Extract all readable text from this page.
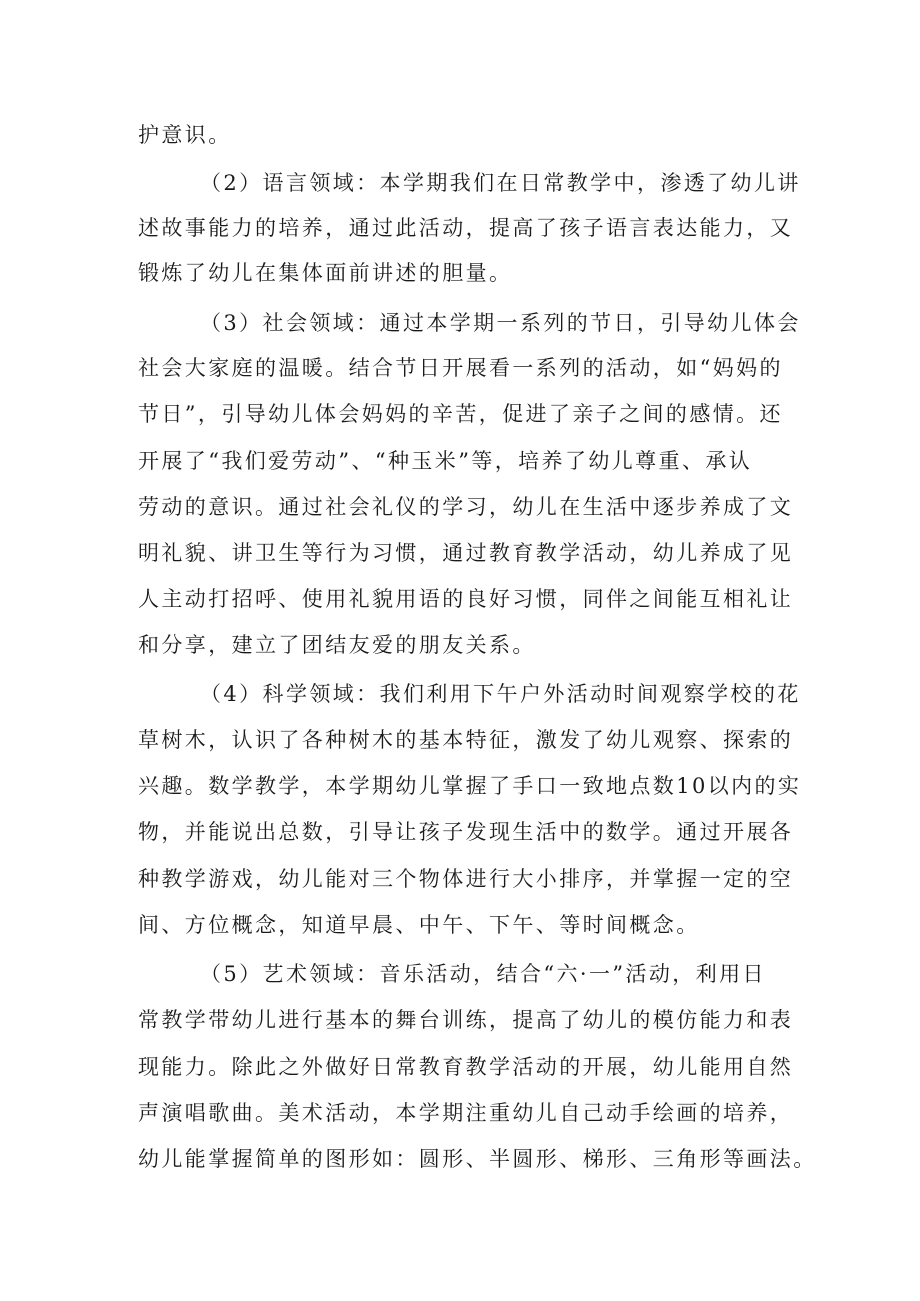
护意识。

（2）语言领域：本学期我们在日常教学中，渗透了幼儿讲

述故事能力的培养，通过此活动，提高了孩子语言表达能力，又

锻炼了幼儿在集体面前讲述的胆量。

（3）社会领域：通过本学期一系列的节日，引导幼儿体会

社会大家庭的温暖。结合节日开展看一系列的活动，如“妈妈的

节日”，引导幼儿体会妈妈的辛苦，促进了亲子之间的感情。还

开展了“我们爱劳动”、“种玉米”等，培养了幼儿尊重、承认

劳动的意识。通过社会礼仪的学习，幼儿在生活中逐步养成了文

明礼貌、讲卫生等行为习惯，通过教育教学活动，幼儿养成了见

人主动打招呼、使用礼貌用语的良好习惯，同伴之间能互相礼让

和分享，建立了团结友爱的朋友关系。

（4）科学领域：我们利用下午户外活动时间观察学校的花

草树木，认识了各种树木的基本特征，激发了幼儿观察、探索的

兴趣。数学教学，本学期幼儿掌握了手口一致地点数10以内的实

物，并能说出总数，引导让孩子发现生活中的数学。通过开展各

种教学游戏，幼儿能对三个物体进行大小排序，并掌握一定的空

间、方位概念，知道早晨、中午、下午、等时间概念。

（5）艺术领域：音乐活动，结合“六·一”活动，利用日

常教学带幼儿进行基本的舞台训练，提高了幼儿的模仿能力和表

现能力。除此之外做好日常教育教学活动的开展，幼儿能用自然

声演唱歌曲。美术活动，本学期注重幼儿自己动手绘画的培养，

幼儿能掌握简单的图形如：圆形、半圆形、梯形、三角形等画法。
